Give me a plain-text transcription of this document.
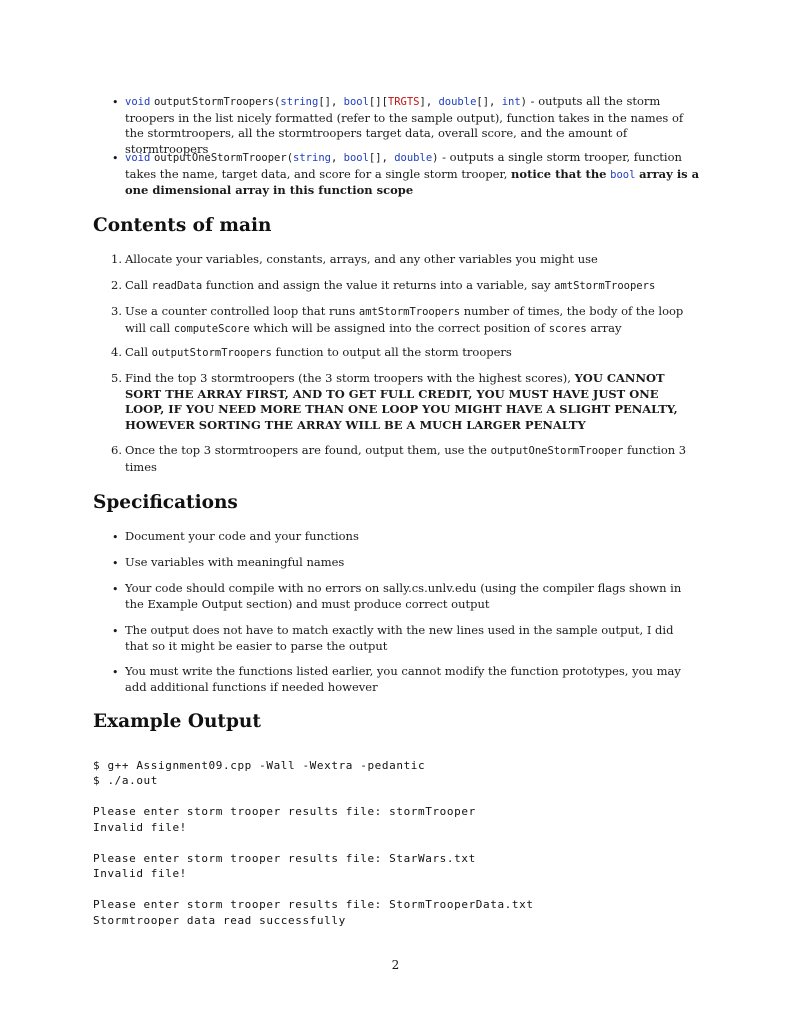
• void outputStormTroopers(string[], bool[][TRGTS], double[], int) - outputs all the storm troopers in the list nicely formatted (refer to the sample output), function takes in the names of the stormtroopers, all the stormtroopers target data, overall score, and the amount of stormtroopers
• void outputOneStormTrooper(string, bool[], double) - outputs a single storm trooper, function takes the name, target data, and score for a single storm trooper, notice that the bool array is a one dimensional array in this function scope
Contents of main
1. Allocate your variables, constants, arrays, and any other variables you might use
2. Call readData function and assign the value it returns into a variable, say amtStormTroopers
3. Use a counter controlled loop that runs amtStormTroopers number of times, the body of the loop will call computeScore which will be assigned into the correct position of scores array
4. Call outputStormTroopers function to output all the storm troopers
5. Find the top 3 stormtroopers (the 3 storm troopers with the highest scores), YOU CANNOT SORT THE ARRAY FIRST, AND TO GET FULL CREDIT, YOU MUST HAVE JUST ONE LOOP, IF YOU NEED MORE THAN ONE LOOP YOU MIGHT HAVE A SLIGHT PENALTY, HOWEVER SORTING THE ARRAY WILL BE A MUCH LARGER PENALTY
6. Once the top 3 stormtroopers are found, output them, use the outputOneStormTrooper function 3 times
Specifications
• Document your code and your functions
• Use variables with meaningful names
• Your code should compile with no errors on sally.cs.unlv.edu (using the compiler flags shown in the Example Output section) and must produce correct output
• The output does not have to match exactly with the new lines used in the sample output, I did that so it might be easier to parse the output
• You must write the functions listed earlier, you cannot modify the function prototypes, you may add additional functions if needed however
Example Output
$ g++ Assignment09.cpp -Wall -Wextra -pedantic
$ ./a.out
Please enter storm trooper results file: stormTrooper
Invalid file!
Please enter storm trooper results file: StarWars.txt
Invalid file!
Please enter storm trooper results file: StormTrooperData.txt
Stormtrooper data read successfully
2
